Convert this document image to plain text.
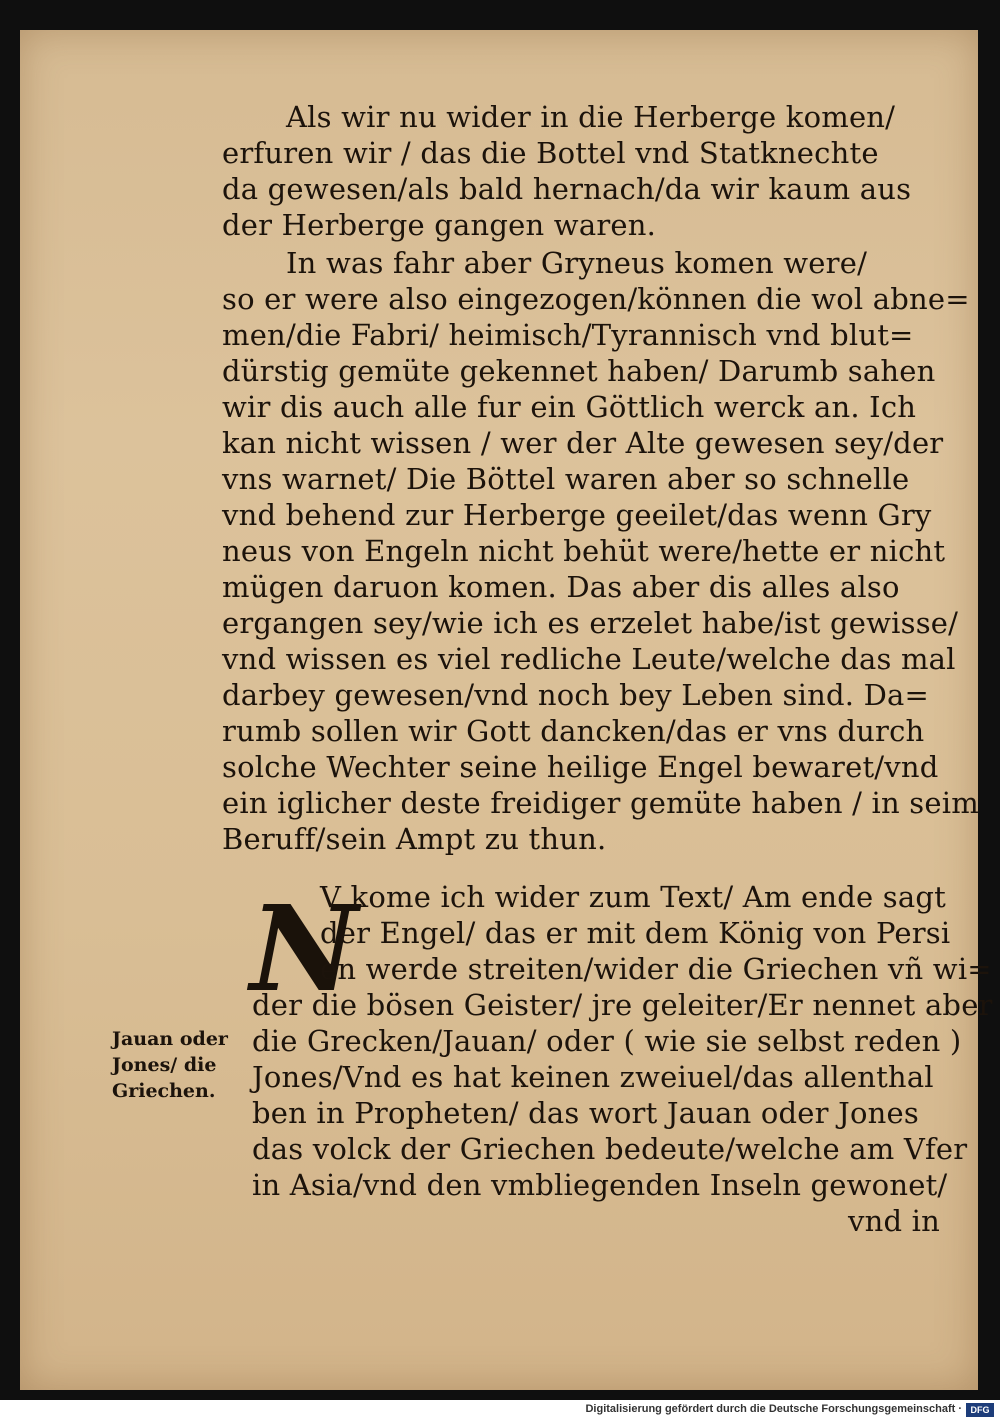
Als wir nu wider in die Herberge komen/
erfuren wir / das die Bottel vnd Statknechte
da gewesen/als bald hernach/da wir kaum aus
der Herberge gangen waren.
In was fahr aber Gryneus komen were/
so er were also eingezogen/können die wol abne=
men/die Fabri/ heimisch/Tyrannisch vnd blut=
dürstig gemüte gekennet haben/ Darumb sahen
wir dis auch alle fur ein Göttlich werck an. Ich
kan nicht wissen / wer der Alte gewesen sey/der
vns warnet/ Die Böttel waren aber so schnelle
vnd behend zur Herberge geeilet/das wenn Gry
neus von Engeln nicht behüt were/hette er nicht
mügen daruon komen. Das aber dis alles also
ergangen sey/wie ich es erzelet habe/ist gewisse/
vnd wissen es viel redliche Leute/welche das mal
darbey gewesen/vnd noch bey Leben sind. Da=
rumb sollen wir Gott dancken/das er vns durch
solche Wechter seine heilige Engel bewaret/vnd
ein iglicher deste freidiger gemüte haben / in seim
Beruff/sein Ampt zu thun.
N
V kome ich wider zum Text/ Am ende sagt
der Engel/ das er mit dem König von Persi
en werde streiten/wider die Griechen vñ wi=
der die bösen Geister/ jre geleiter/Er nennet aber
die Grecken/Jauan/ oder ( wie sie selbst reden )
Jones/Vnd es hat keinen zweiuel/das allenthal
ben in Propheten/ das wort Jauan oder Jones
das volck der Griechen bedeute/welche am Vfer
in Asia/vnd den vmbliegenden Inseln gewonet/
vnd in
Jauan oder
Jones/ die
Griechen.
Digitalisierung gefördert durch die Deutsche Forschungsgemeinschaft · DFG
